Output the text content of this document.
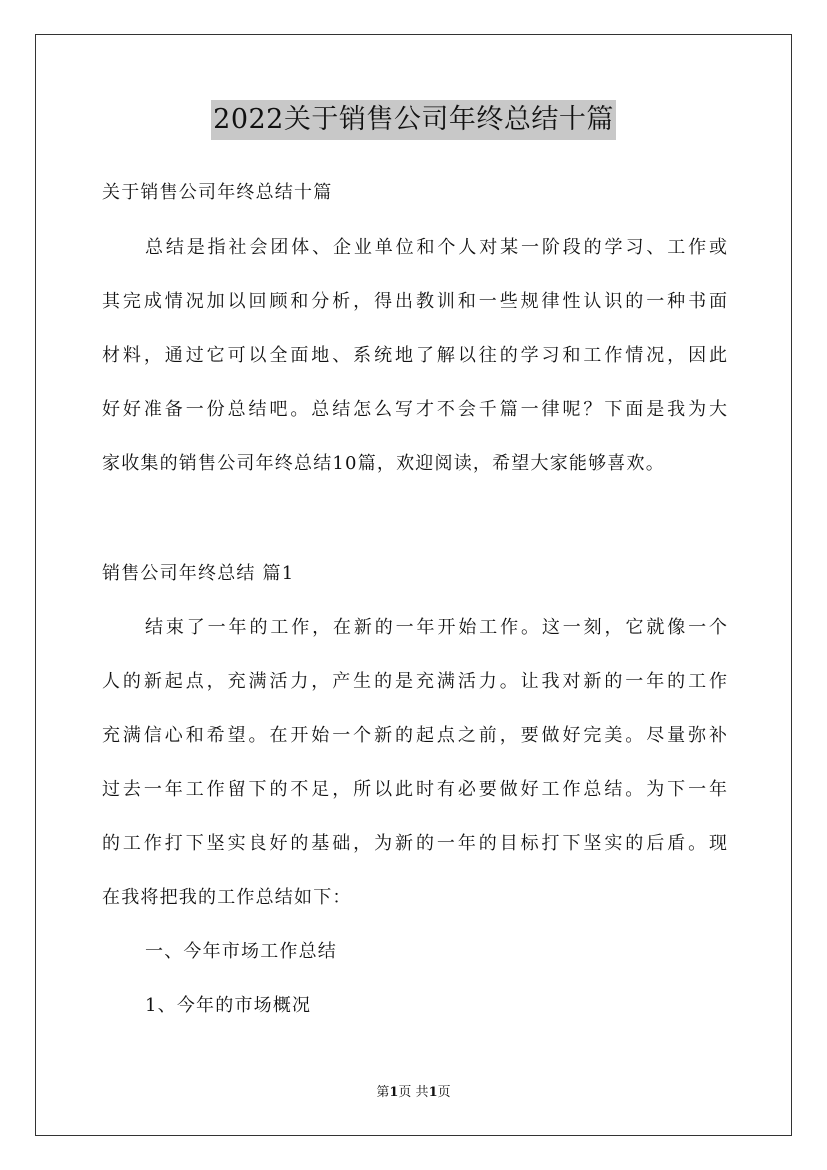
2022关于销售公司年终总结十篇
关于销售公司年终总结十篇
总结是指社会团体、企业单位和个人对某一阶段的学习、工作或
其完成情况加以回顾和分析，得出教训和一些规律性认识的一种书面
材料，通过它可以全面地、系统地了解以往的学习和工作情况，因此
好好准备一份总结吧。总结怎么写才不会千篇一律呢？下面是我为大
家收集的销售公司年终总结10篇，欢迎阅读，希望大家能够喜欢。
销售公司年终总结 篇1
结束了一年的工作，在新的一年开始工作。这一刻，它就像一个
人的新起点，充满活力，产生的是充满活力。让我对新的一年的工作
充满信心和希望。在开始一个新的起点之前，要做好完美。尽量弥补
过去一年工作留下的不足，所以此时有必要做好工作总结。为下一年
的工作打下坚实良好的基础，为新的一年的目标打下坚实的后盾。现
在我将把我的工作总结如下：
一、今年市场工作总结
1、今年的市场概况
第1页 共1页
